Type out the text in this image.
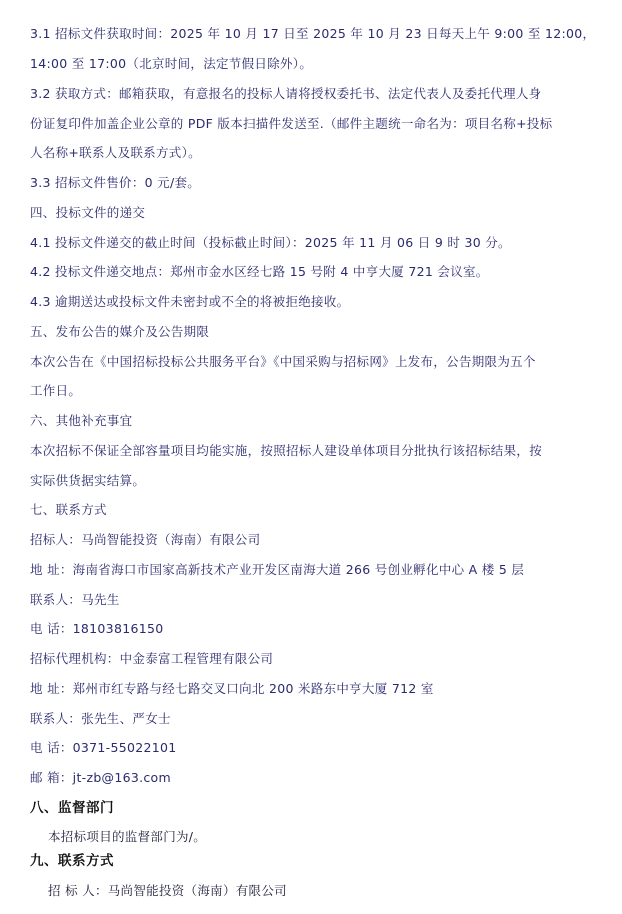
3.1 招标文件获取时间：2025 年 10 月 17 日至 2025 年 10 月 23 日每天上午 9:00 至 12:00，
14:00 至 17:00（北京时间，法定节假日除外）。
3.2 获取方式：邮箱获取，有意报名的投标人请将授权委托书、法定代表人及委托代理人身
份证复印件加盖企业公章的 PDF 版本扫描件发送至.（邮件主题统一命名为：项目名称+投标
人名称+联系人及联系方式）。
3.3 招标文件售价：0 元/套。
四、投标文件的递交
4.1 投标文件递交的截止时间（投标截止时间）：2025 年 11 月 06 日 9 时 30 分。
4.2 投标文件递交地点：郑州市金水区经七路 15 号附 4 中亨大厦 721 会议室。
4.3 逾期送达或投标文件未密封或不全的将被拒绝接收。
五、发布公告的媒介及公告期限
本次公告在《中国招标投标公共服务平台》《中国采购与招标网》上发布，公告期限为五个
工作日。
六、其他补充事宜
本次招标不保证全部容量项目均能实施，按照招标人建设单体项目分批执行该招标结果，按
实际供货据实结算。
七、联系方式
招标人：马尚智能投资（海南）有限公司
地 址：海南省海口市国家高新技术产业开发区南海大道 266 号创业孵化中心 A 楼 5 层
联系人：马先生
电 话：18103816150
招标代理机构：中金泰富工程管理有限公司
地 址：郑州市红专路与经七路交叉口向北 200 米路东中亨大厦 712 室
联系人：张先生、严女士
电 话：0371-55022101
邮 箱：jt-zb@163.com
八、监督部门
本招标项目的监督部门为/。
九、联系方式
招 标 人：马尚智能投资（海南）有限公司
